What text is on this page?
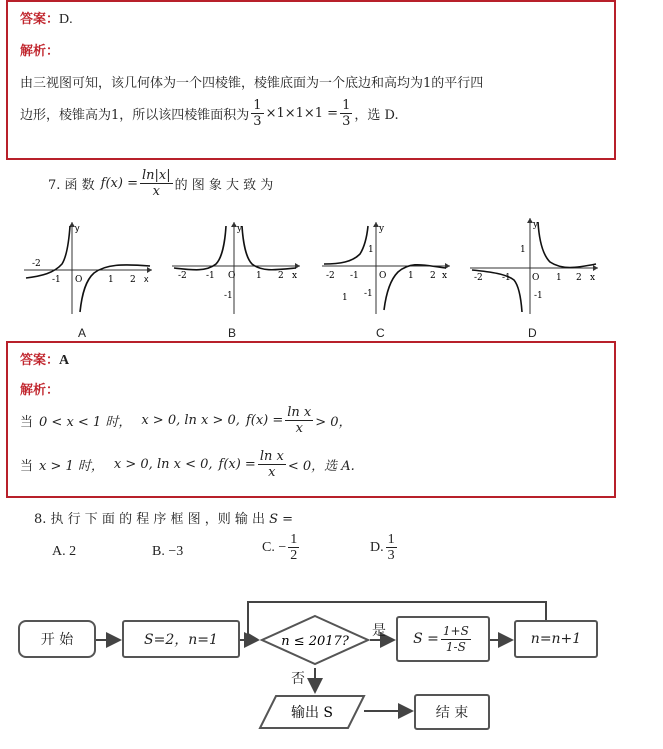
答案：D.
解析：
由三视图可知，该几何体为一个四棱锥，棱锥底面为一个底边和高均为1的平行四
边形，棱锥高为1，所以该四棱锥面积为 $\frac{1}{3} \times 1\times 1\times 1 = \frac{1}{3}$ ，选 D.
7. 函 数 $f(x) = \frac{\ln|x|}{x}$ 的 图 象 大 致 为
y
x
-2
-1 O	1 2
y
x
-2 -1 O 1 2
-1
y
x
-2 -1 O 1 2
1
-1
1
y
x
-2 -1 O 1 2
1
-1
A	B	C	D
答案：A
解析：
当 0 < x < 1 时， x > 0, ln x > 0, $f(x) = \frac{\text{ln x}}{x} > 0$，
当 x > 1 时， x > 0, ln x < 0, $f(x) = \frac{\text{ln x}}{x} < 0$，选 A.
8. 执 行 下 面 的 程 序 框 图 ，则 输 出 S =
A. 2	B. −3	C. − $\frac{1}{2}$	D. $\frac{1}{3}$
开 始	S=2，n=1	n ≤ 2017?
是
否
$S = \frac{1+S}{1-S}$	n=n+1
输出 S	结 束
